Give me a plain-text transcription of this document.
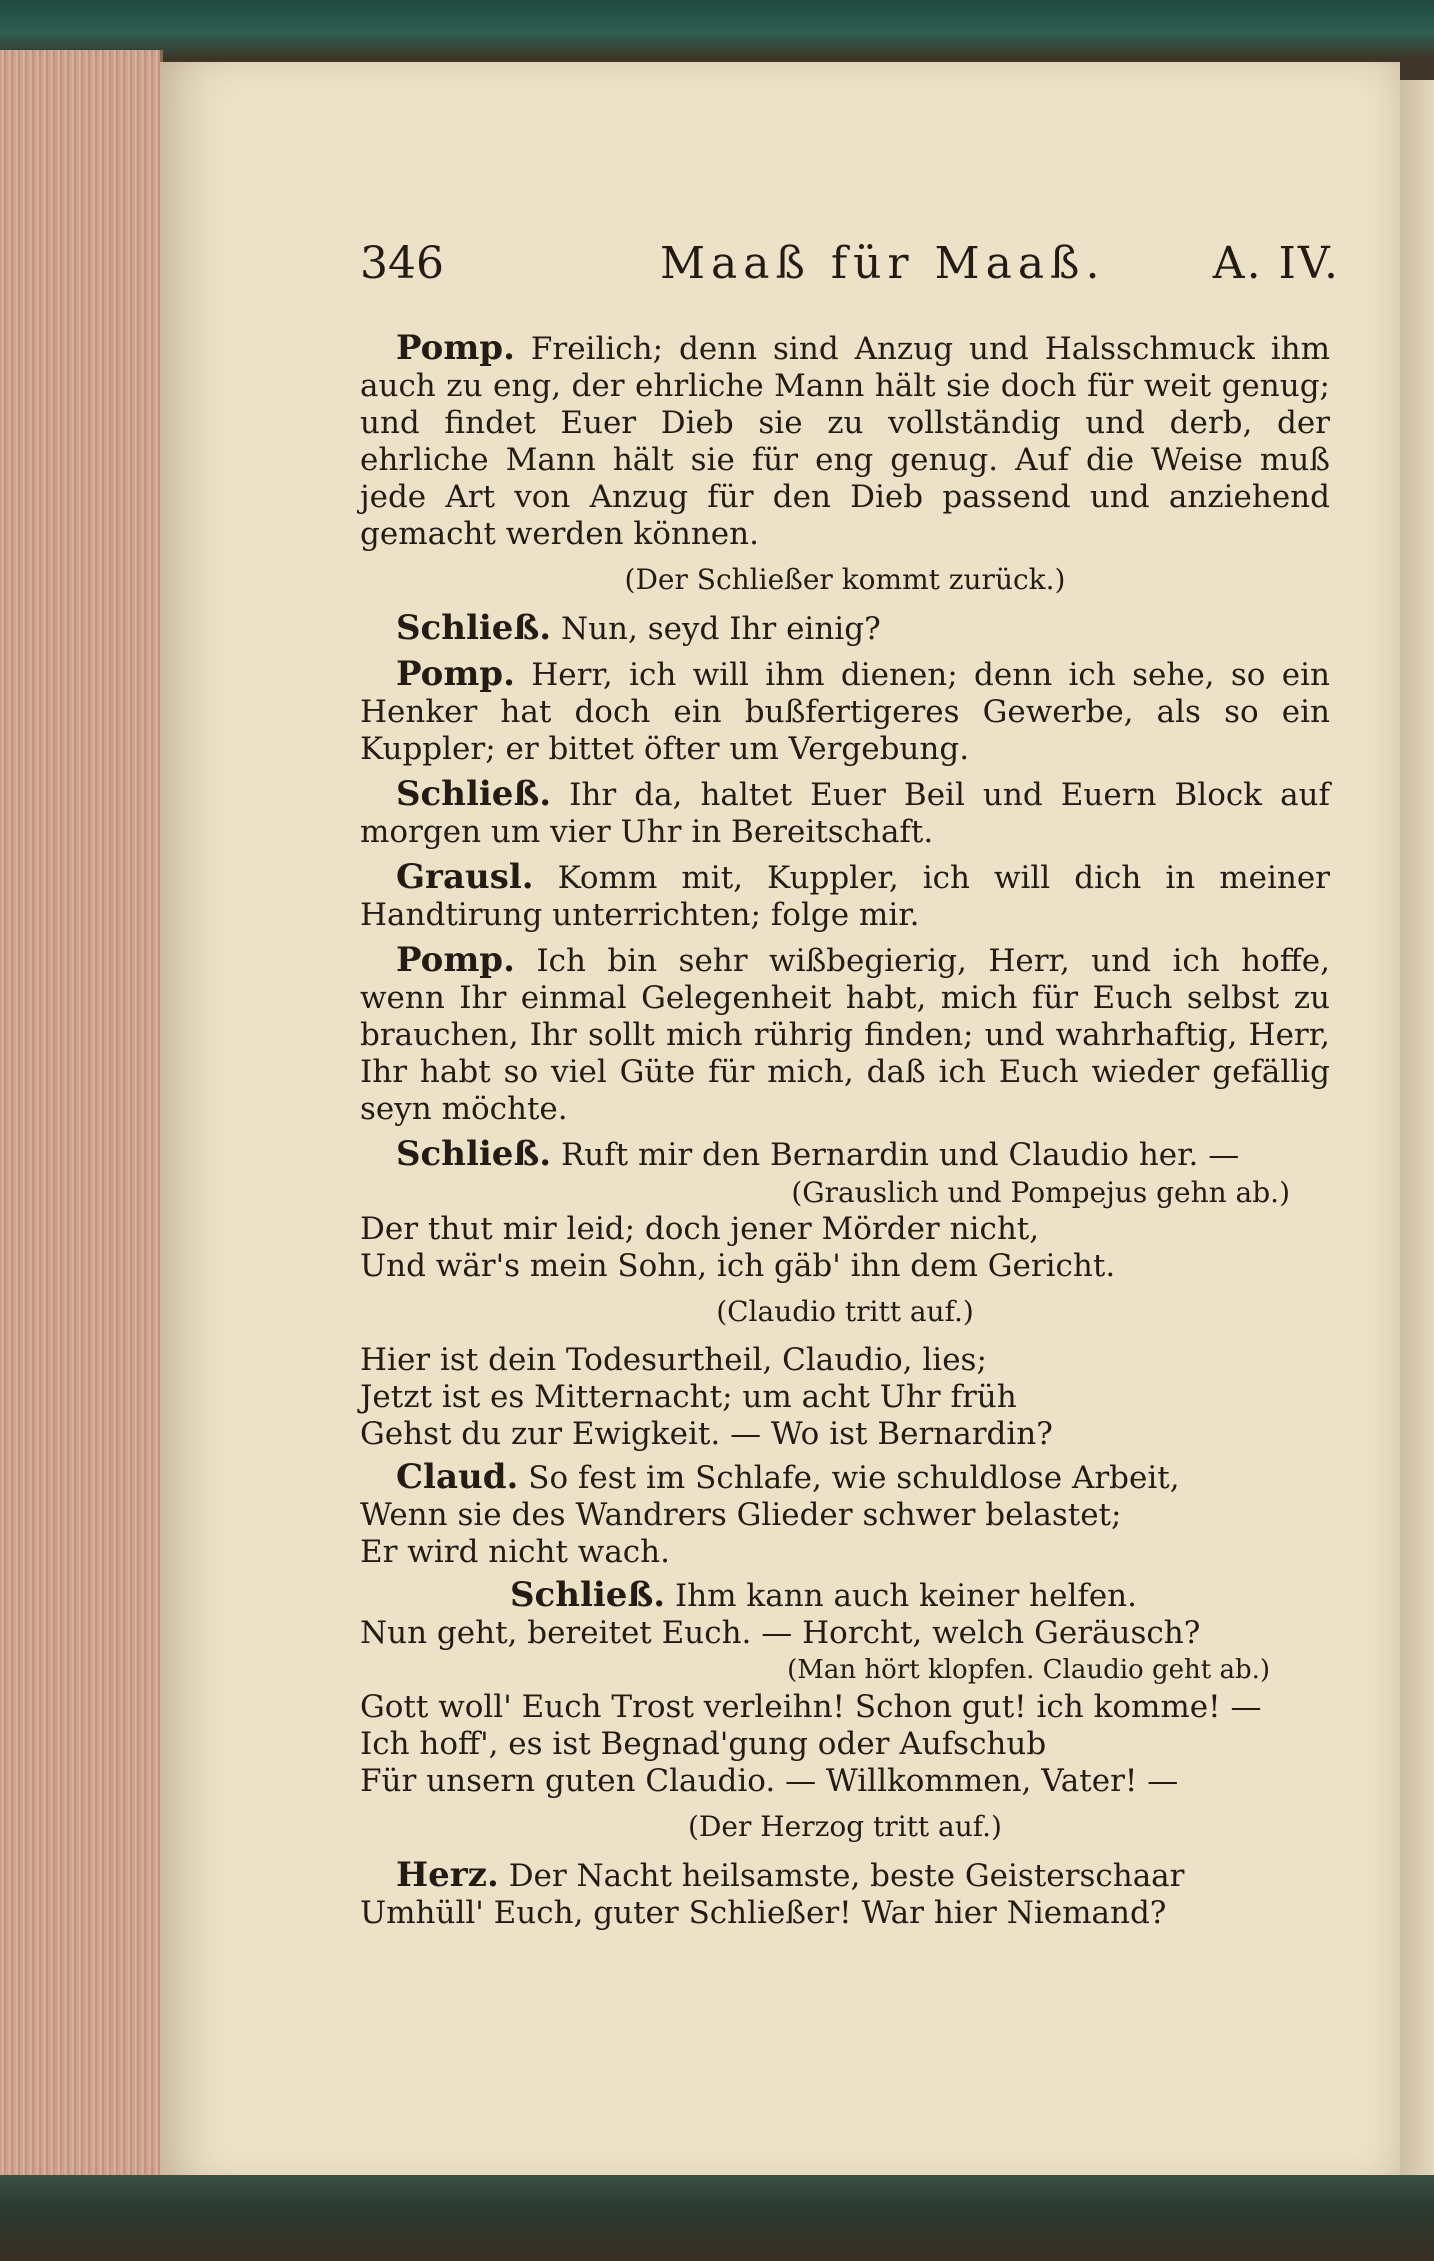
346	Maaß für Maaß. A. IV.

Pomp. Freilich; denn sind Anzug und Halsschmuck ihm auch zu eng, der ehrliche Mann hält sie doch für weit genug; und findet Euer Dieb sie zu vollständig und derb, der ehrliche Mann hält sie für eng genug. Auf die Weise muß jede Art von Anzug für den Dieb passend und anziehend gemacht werden können.

(Der Schließer kommt zurück.)

Schließ. Nun, seyd Ihr einig?

Pomp. Herr, ich will ihm dienen; denn ich sehe, so ein Henker hat doch ein bußfertigeres Gewerbe, als so ein Kuppler; er bittet öfter um Vergebung.

Schließ. Ihr da, haltet Euer Beil und Euern Block auf morgen um vier Uhr in Bereitschaft.

Grausl. Komm mit, Kuppler, ich will dich in meiner Handtirung unterrichten; folge mir.

Pomp. Ich bin sehr wißbegierig, Herr, und ich hoffe, wenn Ihr einmal Gelegenheit habt, mich für Euch selbst zu brauchen, Ihr sollt mich rührig finden; und wahrhaftig, Herr, Ihr habt so viel Güte für mich, daß ich Euch wieder gefällig seyn möchte.

Schließ. Ruft mir den Bernardin und Claudio her. —

(Grauslich und Pompejus gehn ab.)
Der thut mir leid; doch jener Mörder nicht,
Und wär's mein Sohn, ich gäb' ihn dem Gericht.
(Claudio tritt auf.)
Hier ist dein Todesurtheil, Claudio, lies;
Jetzt ist es Mitternacht; um acht Uhr früh
Gehst du zur Ewigkeit. — Wo ist Bernardin?
Claud. So fest im Schlafe, wie schuldlose Arbeit,
Wenn sie des Wandrers Glieder schwer belastet;
Er wird nicht wach.
Schließ. Ihm kann auch keiner helfen.
Nun geht, bereitet Euch. — Horcht, welch Geräusch?
(Man hört klopfen. Claudio geht ab.)
Gott woll' Euch Trost verleihn! Schon gut! ich komme! —
Ich hoff', es ist Begnad'gung oder Aufschub
Für unsern guten Claudio. — Willkommen, Vater! —
(Der Herzog tritt auf.)
Herz. Der Nacht heilsamste, beste Geisterschaar
Umhüll' Euch, guter Schließer! War hier Niemand?
